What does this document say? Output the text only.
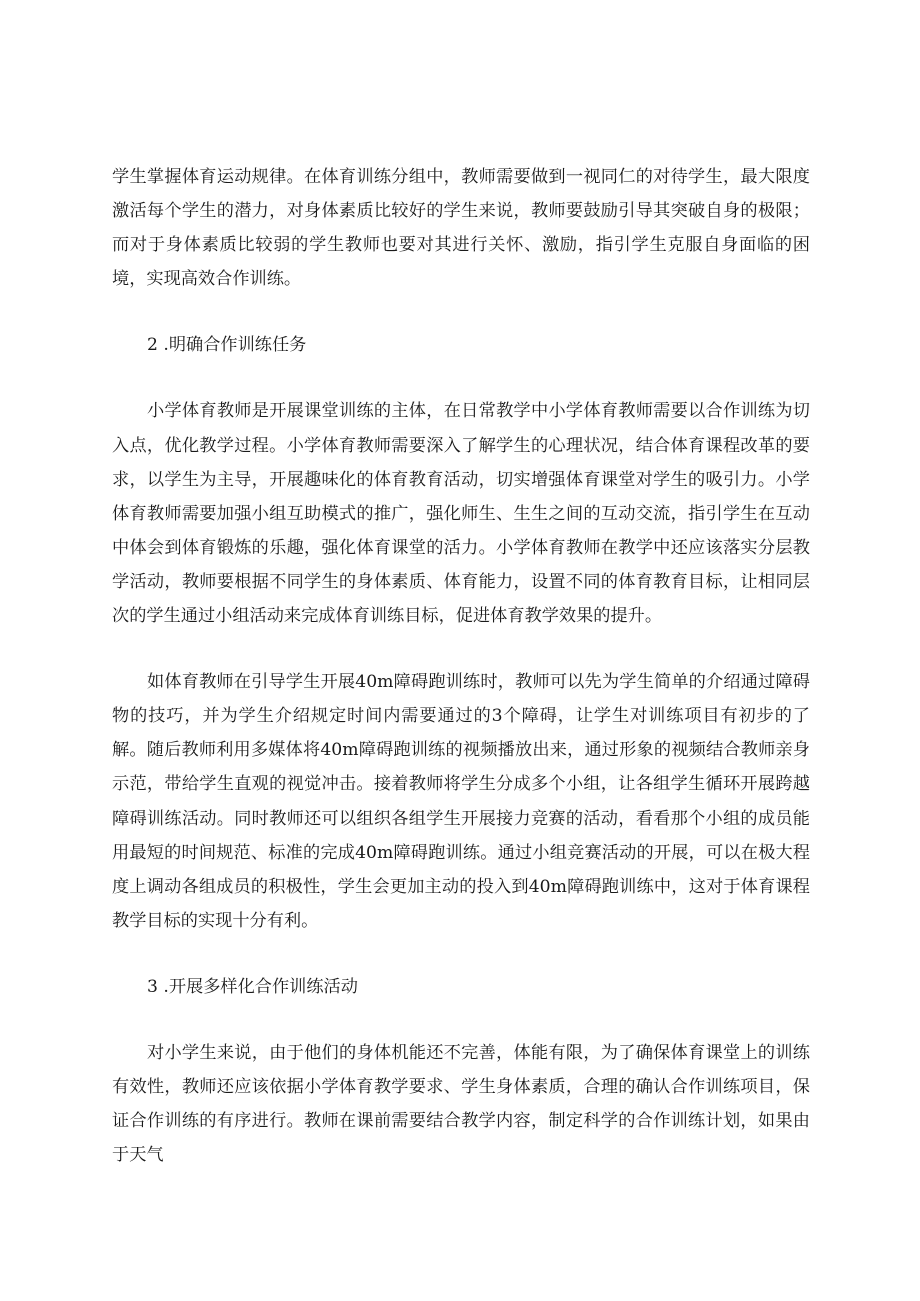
学生掌握体育运动规律。在体育训练分组中，教师需要做到一视同仁的对待学生，最大限度激活每个学生的潜力，对身体素质比较好的学生来说，教师要鼓励引导其突破自身的极限；而对于身体素质比较弱的学生教师也要对其进行关怀、激励，指引学生克服自身面临的困境，实现高效合作训练。

2 .明确合作训练任务

小学体育教师是开展课堂训练的主体，在日常教学中小学体育教师需要以合作训练为切入点，优化教学过程。小学体育教师需要深入了解学生的心理状况，结合体育课程改革的要求，以学生为主导，开展趣味化的体育教育活动，切实增强体育课堂对学生的吸引力。小学体育教师需要加强小组互助模式的推广，强化师生、生生之间的互动交流，指引学生在互动中体会到体育锻炼的乐趣，强化体育课堂的活力。小学体育教师在教学中还应该落实分层教学活动，教师要根据不同学生的身体素质、体育能力，设置不同的体育教育目标，让相同层次的学生通过小组活动来完成体育训练目标，促进体育教学效果的提升。

如体育教师在引导学生开展40m障碍跑训练时，教师可以先为学生简单的介绍通过障碍物的技巧，并为学生介绍规定时间内需要通过的3个障碍，让学生对训练项目有初步的了解。随后教师利用多媒体将40m障碍跑训练的视频播放出来，通过形象的视频结合教师亲身示范，带给学生直观的视觉冲击。接着教师将学生分成多个小组，让各组学生循环开展跨越障碍训练活动。同时教师还可以组织各组学生开展接力竞赛的活动，看看那个小组的成员能用最短的时间规范、标准的完成40m障碍跑训练。通过小组竞赛活动的开展，可以在极大程度上调动各组成员的积极性，学生会更加主动的投入到40m障碍跑训练中，这对于体育课程教学目标的实现十分有利。

3 .开展多样化合作训练活动

对小学生来说，由于他们的身体机能还不完善，体能有限，为了确保体育课堂上的训练有效性，教师还应该依据小学体育教学要求、学生身体素质，合理的确认合作训练项目，保证合作训练的有序进行。教师在课前需要结合教学内容，制定科学的合作训练计划，如果由于天气
